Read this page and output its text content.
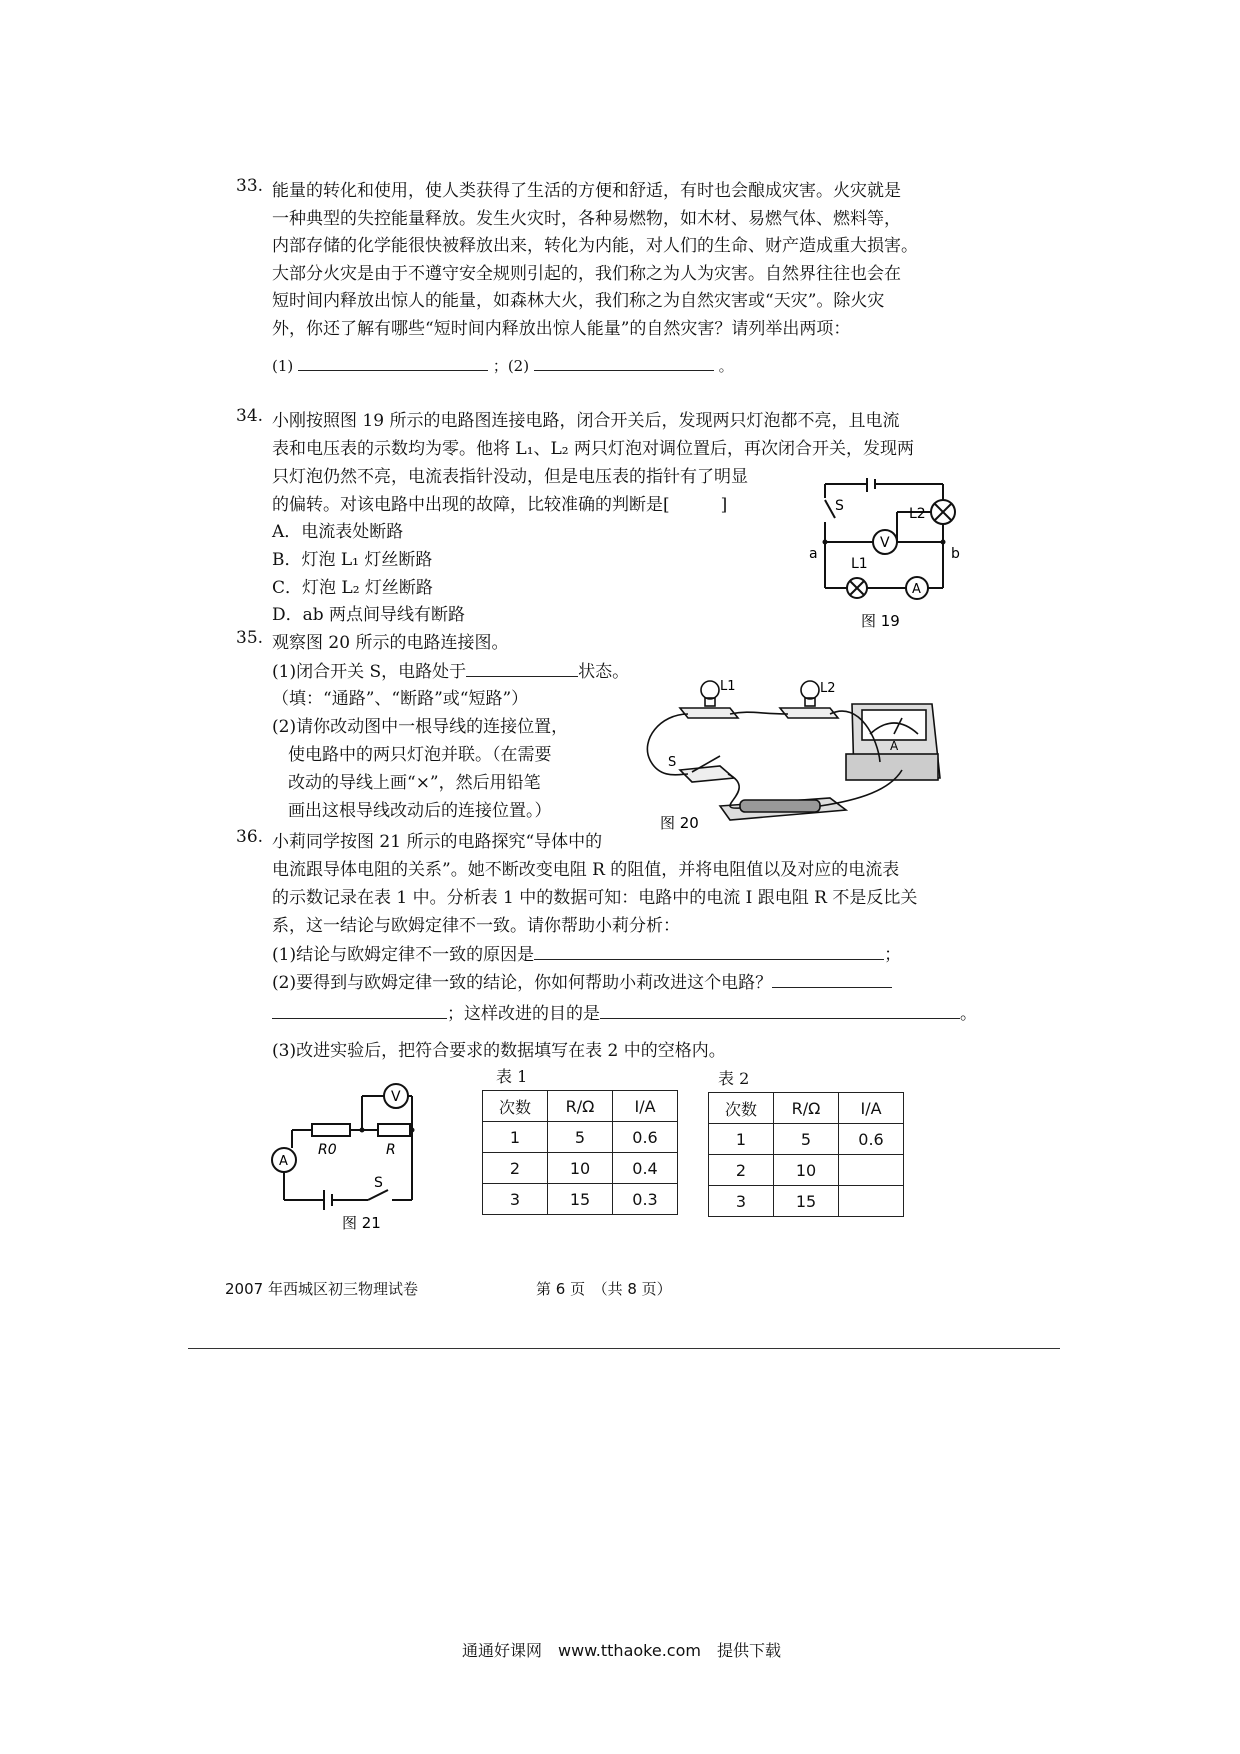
33. 能量的转化和使用，使人类获得了生活的方便和舒适，有时也会酿成灾害。火灾就是
一种典型的失控能量释放。发生火灾时，各种易燃物，如木材、易燃气体、燃料等，
内部存储的化学能很快被释放出来，转化为内能，对人们的生命、财产造成重大损害。
大部分火灾是由于不遵守安全规则引起的，我们称之为人为灾害。自然界往往也会在
短时间内释放出惊人的能量，如森林大火，我们称之为自然灾害或“天灾”。除火灾
外，你还了解有哪些“短时间内释放出惊人能量”的自然灾害？请列举出两项：
(1)	；(2)	。
34. 小刚按照图 19 所示的电路图连接电路，闭合开关后，发现两只灯泡都不亮，且电流
表和电压表的示数均为零。他将 L₁、L₂ 两只灯泡对调位置后，再次闭合开关，发现两
只灯泡仍然不亮，电流表指针没动，但是电压表的指针有了明显
的偏转。对该电路中出现的故障，比较准确的判断是[　　　]
A．电流表处断路
B．灯泡 L₁ 灯丝断路
C．灯泡 L₂ 灯丝断路
D．ab 两点间导线有断路
S	L2
V
L1
A
a	b
图 19
35. 观察图 20 所示的电路连接图。
(1)闭合开关 S，电路处于	状态。
（填：“通路”、“断路”或“短路”）
(2)请你改动图中一根导线的连接位置，
使电路中的两只灯泡并联。（在需要
改动的导线上画“×”，然后用铅笔
画出这根导线改动后的连接位置。）
L1	L2
S
A
图 20
36. 小莉同学按图 21 所示的电路探究“导体中的
电流跟导体电阻的关系”。她不断改变电阻 R 的阻值，并将电阻值以及对应的电流表
的示数记录在表 1 中。分析表 1 中的数据可知：电路中的电流 I 跟电阻 R 不是反比关
系，这一结论与欧姆定律不一致。请你帮助小莉分析：
(1)结论与欧姆定律不一致的原因是	；
(2)要得到与欧姆定律一致的结论，你如何帮助小莉改进这个电路？
；这样改进的目的是	。
(3)改进实验后，把符合要求的数据填写在表 2 中的空格内。
V
A
R0	R
S
图 21
表 1
次数	R/Ω	I/A
1	5	0.6
2	10	0.4
3	15	0.3
表 2
次数	R/Ω	I/A
1	5	0.6
2	10	
3	15	
2007 年西城区初三物理试卷	第 6 页　（共 8 页）
通通好课网　www.tthaoke.com　提供下载
